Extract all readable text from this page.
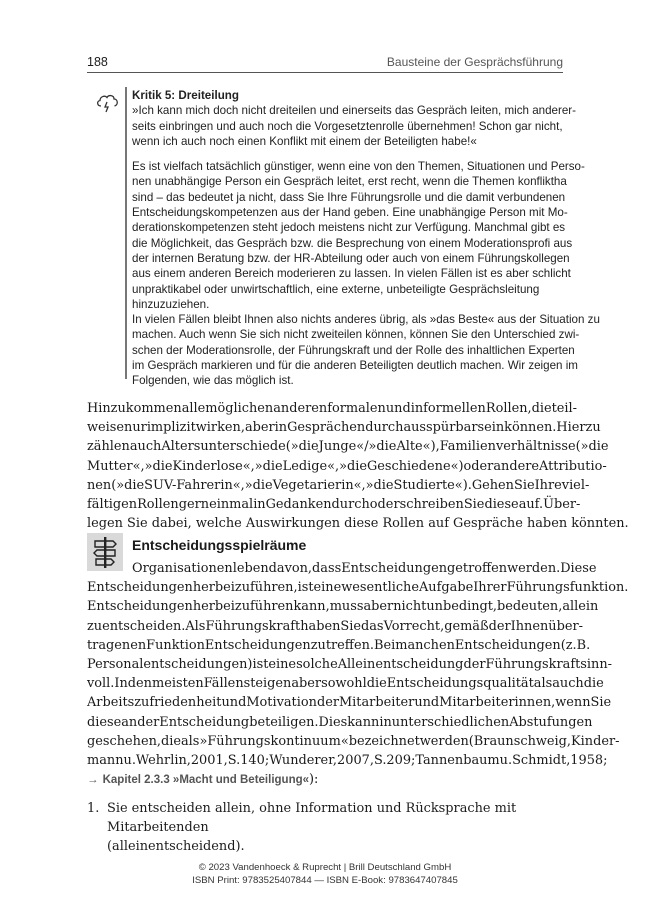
188	Bausteine der Gesprächsführung
Kritik 5: Dreiteilung
»Ich kann mich doch nicht dreiteilen und einerseits das Gespräch leiten, mich anderer-
seits einbringen und auch noch die Vorgesetztenrolle übernehmen! Schon gar nicht,
wenn ich auch noch einen Konflikt mit einem der Beteiligten habe!«
Es ist vielfach tatsächlich günstiger, wenn eine von den Themen, Situationen und Perso-
nen unabhängige Person ein Gespräch leitet, erst recht, wenn die Themen konfliktha
sind – das bedeutet ja nicht, dass Sie Ihre Führungsrolle und die damit verbundenen
Entscheidungskompetenzen aus der Hand geben. Eine unabhängige Person mit Mo-
derationskompetenzen steht jedoch meistens nicht zur Verfügung. Manchmal gibt es
die Möglichkeit, das Gespräch bzw. die Besprechung von einem Moderationsprofi aus
der internen Beratung bzw. der HR-Abteilung oder auch von einem Führungskollegen
aus einem anderen Bereich moderieren zu lassen. In vielen Fällen ist es aber schlicht
unpraktikabel oder unwirtschaftlich, eine externe, unbeteiligte Gesprächsleitung
hinzuzuziehen.
In vielen Fällen bleibt Ihnen also nichts anderes übrig, als »das Beste« aus der Situation zu
machen. Auch wenn Sie sich nicht zweiteilen können, können Sie den Unterschied zwi-
schen der Moderationsrolle, der Führungskraft und der Rolle des inhaltlichen Experten
im Gespräch markieren und für die anderen Beteiligten deutlich machen. Wir zeigen im
Folgenden, wie das möglich ist.
Hinzu kommen alle möglichen anderen formalen und informellen Rollen, die teil-
weise nur implizit wirken, aber in Gesprächen durchaus spürbar sein können. Hierzu
zählen auch Altersunterschiede (»die Junge«/»die Alte«), Familienverhältnisse (»die
Mutter«, »die Kinderlose«, »die Ledige«, »die Geschiedene«) oder andere Attributio-
nen (»die SUV-Fahrerin«, »die Vegetarierin«, »die Studierte«). Gehen Sie Ihre viel-
fältigen Rollen gern einmal in Gedanken durch oder schreiben Sie diese auf. Über-
legen Sie dabei, welche Auswirkungen diese Rollen auf Gespräche haben könnten.
Entscheidungsspielräume
Organisationen leben davon, dass Entscheidungen getroffen werden. Diese
Entscheidungen herbeizuführen, ist eine wesentliche Aufgabe Ihrer Führungsfunktion.
Entscheidungen herbeizuführen kann, muss aber nicht unbedingt, bedeuten, allein
zu entscheiden. Als Führungskraft haben Sie das Vorrecht, gemäß der Ihnen über-
tragenen Funktion Entscheidungen zu treffen. Bei manchen Entscheidungen (z. B.
Personalentscheidungen) ist eine solche Alleinentscheidung der Führungskraft sinn-
voll. In den meisten Fällen steigen aber sowohl die Entscheidungsqualität als auch die
Arbeitszufriedenheit und Motivation der Mitarbeiter und Mitarbeiterinnen, wenn Sie
diese an der Entscheidung beteiligen. Dies kann in unterschiedlichen Abstufungen
geschehen, die als »Führungskontinuum« bezeichnet werden (Braunschweig, Kinder-
mann u. Wehrlin, 2001, S. 140; Wunderer, 2007, S. 209; Tannenbaum u. Schmidt, 1958;
→ Kapitel 2.3.3 »Macht und Beteiligung«):
1. Sie entscheiden allein, ohne Information und Rücksprache mit Mitarbeitenden
(alleinentscheidend).
© 2023 Vandenhoeck & Ruprecht | Brill Deutschland GmbH
ISBN Print: 9783525407844 — ISBN E-Book: 9783647407845
